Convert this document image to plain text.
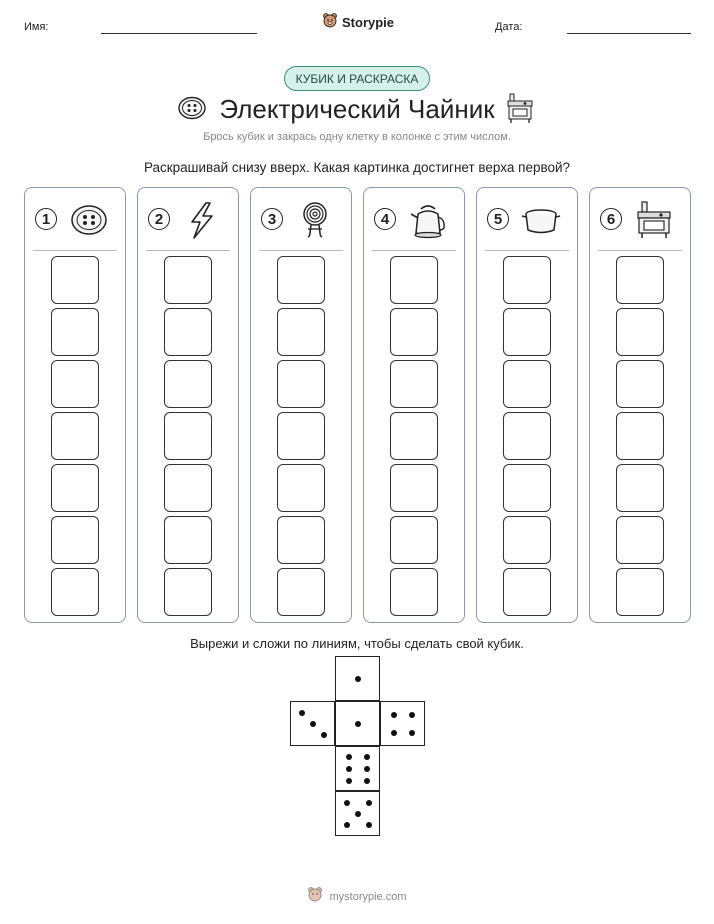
Имя:	Storypie	Дата:
КУБИК И РАСКРАСКА
Электрический Чайник
Брось кубик и закрась одну клетку в колонке с этим числом.
Раскрашивай снизу вверх. Какая картинка достигнет верха первой?
1	2	3	4	5	6
Вырежи и сложи по линиям, чтобы сделать свой кубик.
mystorypie.com
